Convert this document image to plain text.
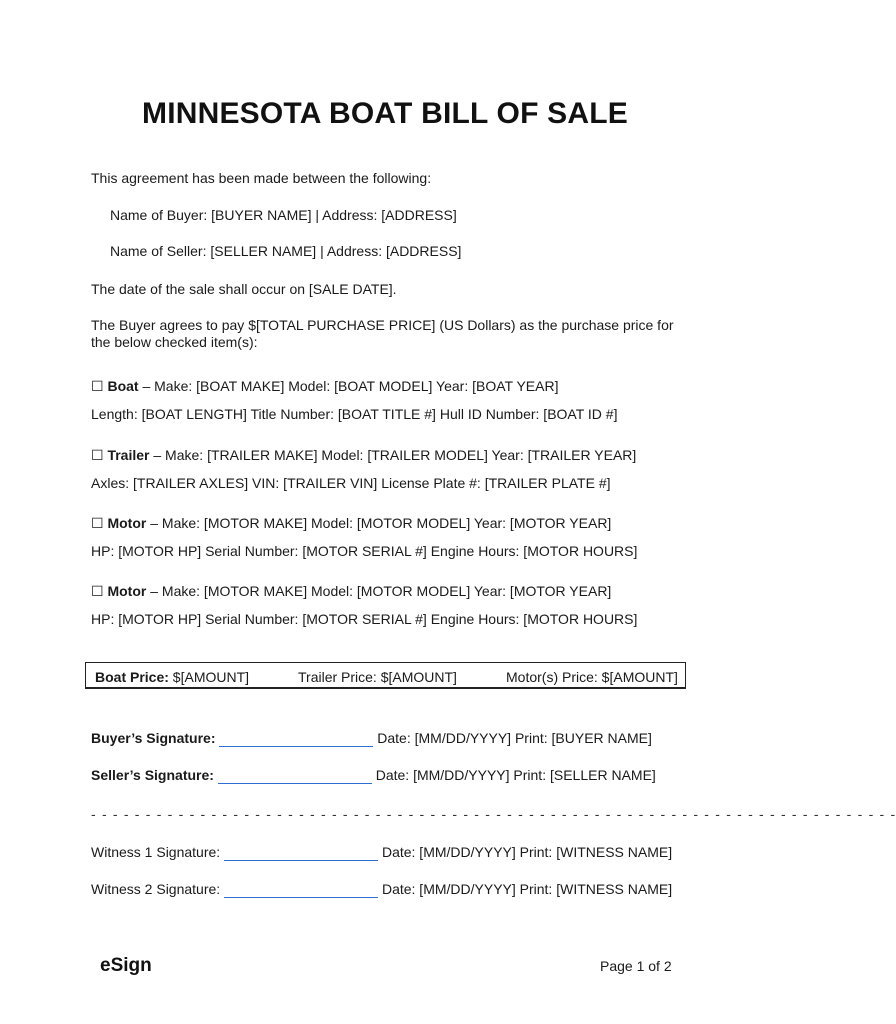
MINNESOTA BOAT BILL OF SALE
This agreement has been made between the following:
Name of Buyer: [BUYER NAME] | Address: [ADDRESS]
Name of Seller: [SELLER NAME] | Address: [ADDRESS]
The date of the sale shall occur on [SALE DATE].
The Buyer agrees to pay $[TOTAL PURCHASE PRICE] (US Dollars) as the purchase price for
the below checked item(s):
☐ Boat – Make: [BOAT MAKE] Model: [BOAT MODEL] Year: [BOAT YEAR]
Length: [BOAT LENGTH] Title Number: [BOAT TITLE #] Hull ID Number: [BOAT ID #]
☐ Trailer – Make: [TRAILER MAKE] Model: [TRAILER MODEL] Year: [TRAILER YEAR]
Axles: [TRAILER AXLES] VIN: [TRAILER VIN] License Plate #: [TRAILER PLATE #]
☐ Motor – Make: [MOTOR MAKE] Model: [MOTOR MODEL] Year: [MOTOR YEAR]
HP: [MOTOR HP] Serial Number: [MOTOR SERIAL #] Engine Hours: [MOTOR HOURS]
☐ Motor – Make: [MOTOR MAKE] Model: [MOTOR MODEL] Year: [MOTOR YEAR]
HP: [MOTOR HP] Serial Number: [MOTOR SERIAL #] Engine Hours: [MOTOR HOURS]
Boat Price: $[AMOUNT]	Trailer Price: $[AMOUNT]	Motor(s) Price: $[AMOUNT]
Buyer’s Signature:	Date: [MM/DD/YYYY] Print: [BUYER NAME]
Seller’s Signature:	Date: [MM/DD/YYYY] Print: [SELLER NAME]
- - - - - - - - - - - - - - - - - - - - - - - - - - - - - - - - - - - - - - - - - - - - - - - - - - - - - - - - - - - - - - - - - - - - - - - - - -
Witness 1 Signature:	Date: [MM/DD/YYYY] Print: [WITNESS NAME]
Witness 2 Signature:	Date: [MM/DD/YYYY] Print: [WITNESS NAME]
eSign	Page 1 of 2
